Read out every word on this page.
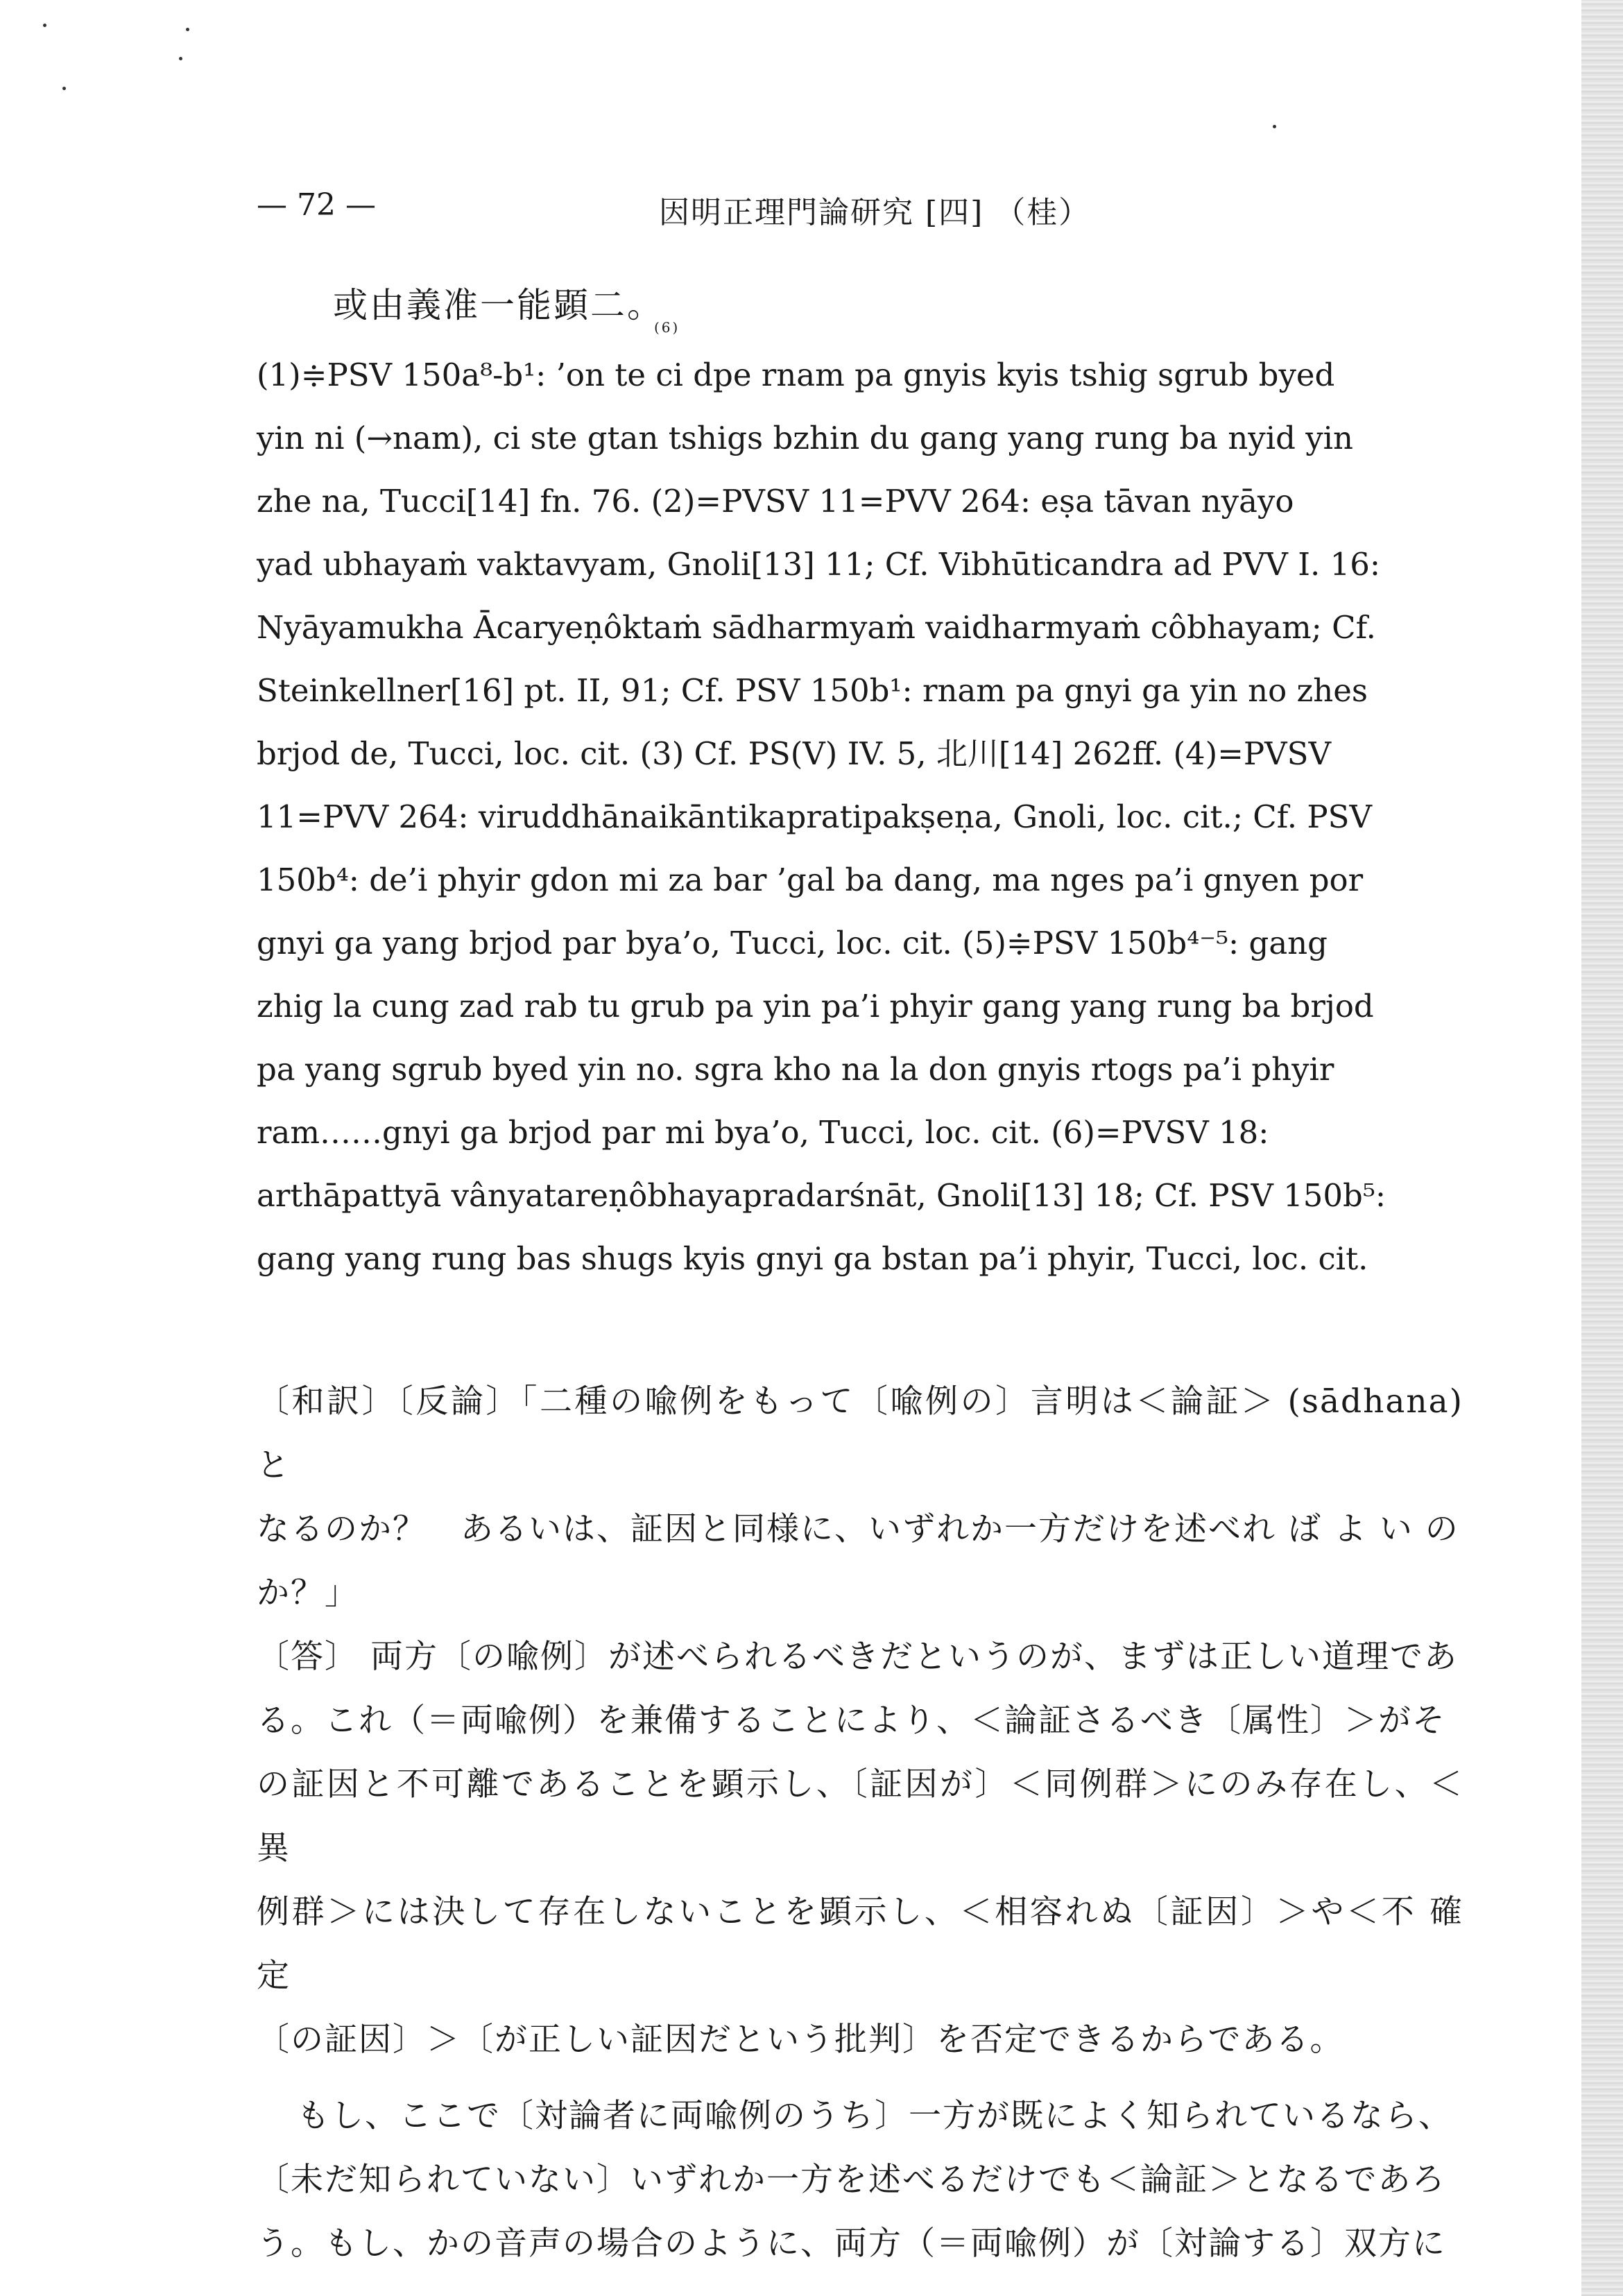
— 72 —	因明正理門論研究 [四] （桂）
或由義准一能顕二。$_{(6)}$
(1)≑PSV 150a⁸-b¹: ’on te ci dpe rnam pa gnyis kyis tshig sgrub byed
yin ni (→nam), ci ste gtan tshigs bzhin du gang yang rung ba nyid yin
zhe na, Tucci[14] fn. 76. (2)=PVSV 11=PVV 264: eṣa tāvan nyāyo
yad ubhayaṁ vaktavyam, Gnoli[13] 11; Cf. Vibhūticandra ad PVV I. 16:
Nyāyamukha Ācaryeṇôktaṁ sādharmyaṁ vaidharmyaṁ côbhayam; Cf.
Steinkellner[16] pt. II, 91; Cf. PSV 150b¹: rnam pa gnyi ga yin no zhes
brjod de, Tucci, loc. cit. (3) Cf. PS(V) IV. 5, 北川[14] 262ff. (4)=PVSV
11=PVV 264: viruddhānaikāntikapratipakṣeṇa, Gnoli, loc. cit.; Cf. PSV
150b⁴: de’i phyir gdon mi za bar ’gal ba dang, ma nges pa’i gnyen por
gnyi ga yang brjod par bya’o, Tucci, loc. cit. (5)≑PSV 150b⁴⁻⁵: gang
zhig la cung zad rab tu grub pa yin pa’i phyir gang yang rung ba brjod
pa yang sgrub byed yin no. sgra kho na la don gnyis rtogs pa’i phyir
ram……gnyi ga brjod par mi bya’o, Tucci, loc. cit. (6)=PVSV 18:
arthāpattyā vânyatareṇôbhayapradarśnāt, Gnoli[13] 18; Cf. PSV 150b⁵:
gang yang rung bas shugs kyis gnyi ga bstan pa’i phyir, Tucci, loc. cit.

〔和訳〕〔反論〕「二種の喩例をもって〔喩例の〕言明は＜論証＞ (sādhana) と

なるのか？　あるいは、証因と同様に、いずれか一方だけを述べれ ば よ い の

か？」

〔答〕 両方〔の喩例〕が述べられるべきだというのが、まずは正しい道理であ

る。これ（＝両喩例）を兼備することにより、＜論証さるべき〔属性〕＞がそ

の証因と不可離であることを顕示し、〔証因が〕＜同例群＞にのみ存在し、＜異

例群＞には決して存在しないことを顕示し、＜相容れぬ〔証因〕＞や＜不 確 定

〔の証因〕＞〔が正しい証因だという批判〕を否定できるからである。

もし、ここで〔対論者に両喩例のうち〕一方が既によく知られているなら、

〔未だ知られていない〕いずれか一方を述べるだけでも＜論証＞となるであろ

う。もし、かの音声の場合のように、両方（＝両喩例）が〔対論する〕双方に
